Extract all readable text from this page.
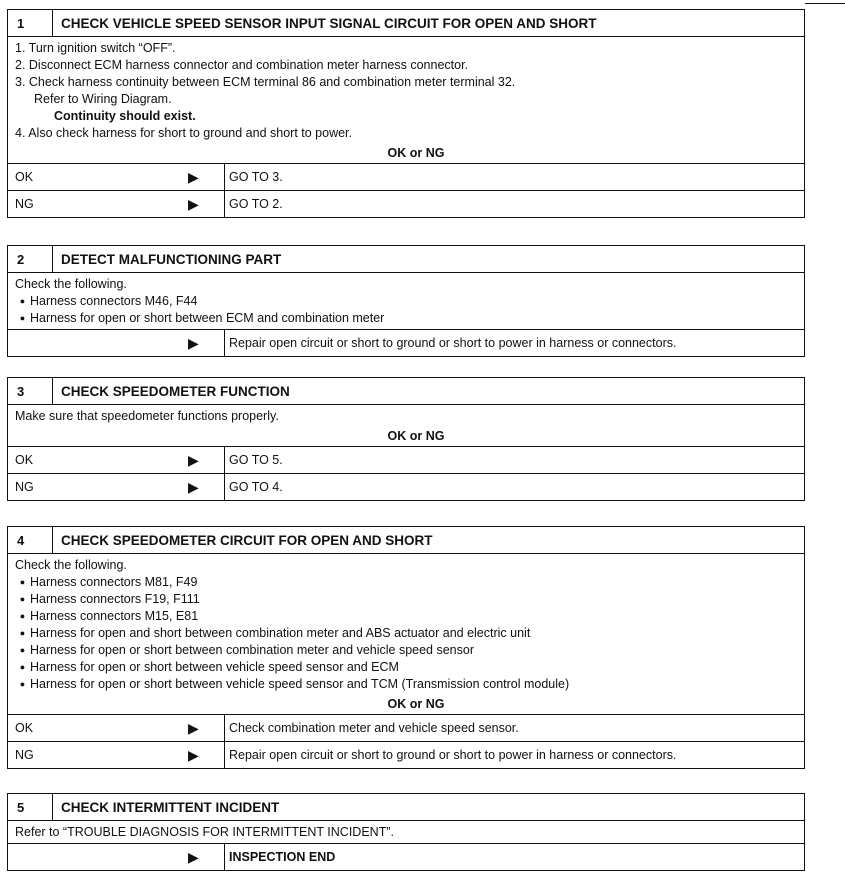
1	CHECK VEHICLE SPEED SENSOR INPUT SIGNAL CIRCUIT FOR OPEN AND SHORT
1. Turn ignition switch “OFF”.
2. Disconnect ECM harness connector and combination meter harness connector.
3. Check harness continuity between ECM terminal 86 and combination meter terminal 32.
Refer to Wiring Diagram.
Continuity should exist.
4. Also check harness for short to ground and short to power.
OK or NG
OK	▶	GO TO 3.
NG	▶	GO TO 2.
2	DETECT MALFUNCTIONING PART
Check the following.
● Harness connectors M46, F44
● Harness for open or short between ECM and combination meter
▶	Repair open circuit or short to ground or short to power in harness or connectors.
3	CHECK SPEEDOMETER FUNCTION
Make sure that speedometer functions properly.
OK or NG
OK	▶	GO TO 5.
NG	▶	GO TO 4.
4	CHECK SPEEDOMETER CIRCUIT FOR OPEN AND SHORT
Check the following.
● Harness connectors M81, F49
● Harness connectors F19, F111
● Harness connectors M15, E81
● Harness for open and short between combination meter and ABS actuator and electric unit
● Harness for open or short between combination meter and vehicle speed sensor
● Harness for open or short between vehicle speed sensor and ECM
● Harness for open or short between vehicle speed sensor and TCM (Transmission control module)
OK or NG
OK	▶	Check combination meter and vehicle speed sensor.
NG	▶	Repair open circuit or short to ground or short to power in harness or connectors.
5	CHECK INTERMITTENT INCIDENT
Refer to “TROUBLE DIAGNOSIS FOR INTERMITTENT INCIDENT”.
▶	INSPECTION END
